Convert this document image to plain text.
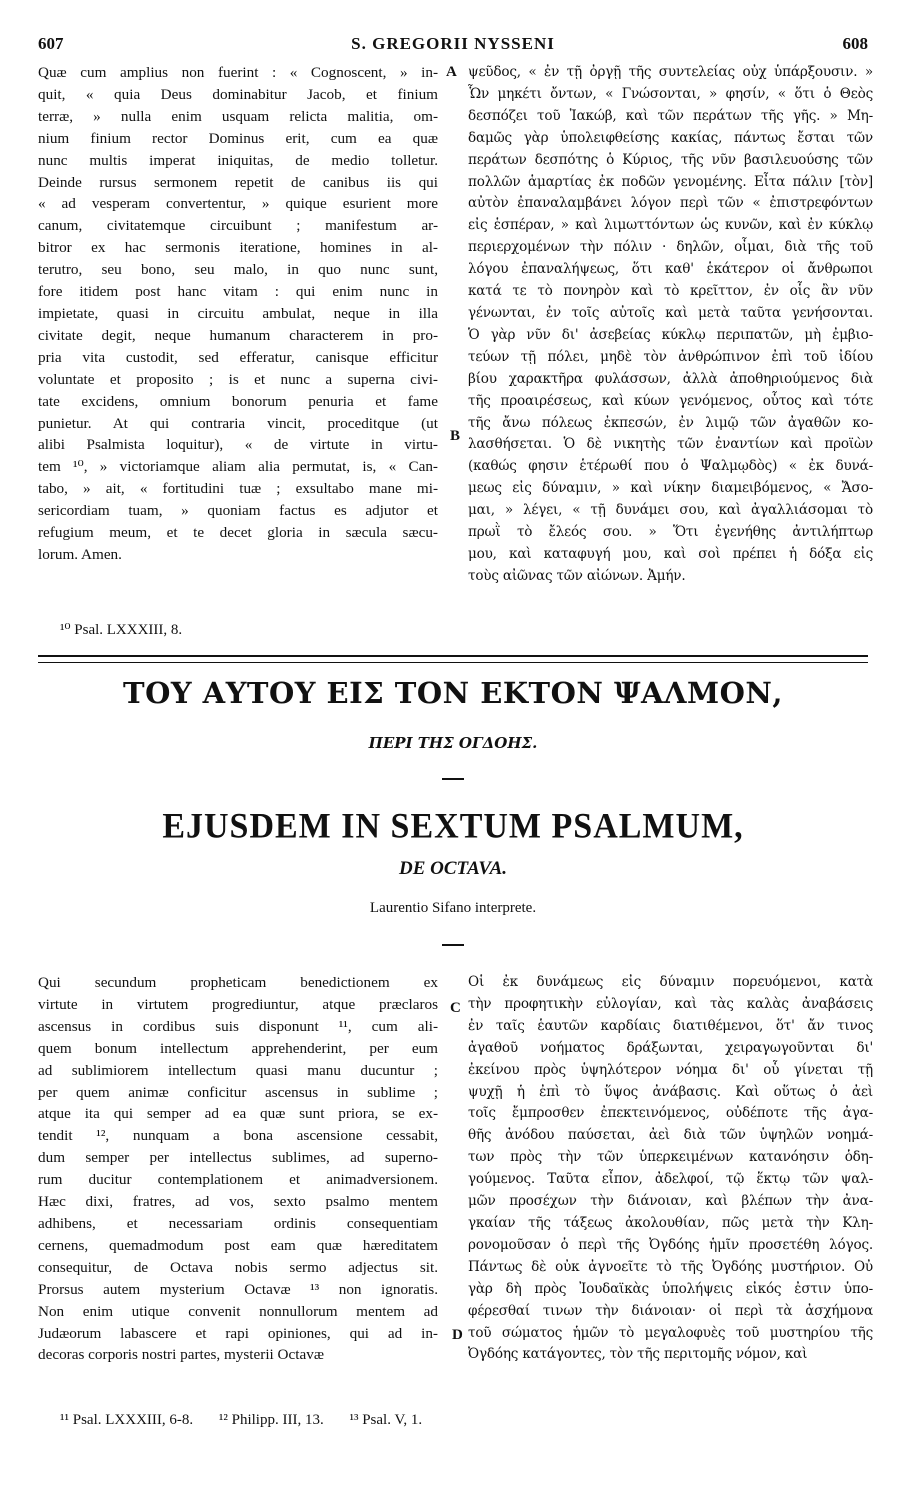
607	S. GREGORII NYSSENI	608
Quæ cum amplius non fuerint : « Cognoscent, » in-
quit, « quia Deus dominabitur Jacob, et finium
terræ, » nulla enim usquam relicta malitia, om-
nium finium rector Dominus erit, cum ea quæ
nunc multis imperat iniquitas, de medio tolletur.
Deinde rursus sermonem repetit de canibus iis qui
« ad vesperam convertentur, » quique esurient more
canum, civitatemque circuibunt ; manifestum ar-
bitror ex hac sermonis iteratione, homines in al-
terutro, seu bono, seu malo, in quo nunc sunt,
fore itidem post hanc vitam : qui enim nunc in
impietate, quasi in circuitu ambulat, neque in illa
civitate degit, neque humanum characterem in pro-
pria vita custodit, sed efferatur, canisque efficitur
voluntate et proposito ; is et nunc a superna civi-
tate excidens, omnium bonorum penuria et fame
punietur. At qui contraria vincit, proceditque (ut
alibi Psalmista loquitur), « de virtute in virtu-
tem ¹⁰, » victoriamque aliam alia permutat, is, « Can-
tabo, » ait, « fortitudini tuæ ; exsultabo mane mi-
sericordiam tuam, » quoniam factus es adjutor et
refugium meum, et te decet gloria in sæcula sæcu-
lorum. Amen.
ψεῦδος, « ἐν τῇ ὀργῇ τῆς συντελείας οὐχ ὑπάρξουσιν. »
Ὧν μηκέτι ὄντων, « Γνώσονται, » φησίν, « ὅτι ὁ Θεὸς
δεσπόζει τοῦ Ἰακώβ, καὶ τῶν περάτων τῆς γῆς. » Μη-
δαμῶς γὰρ ὑπολειφθείσης κακίας, πάντως ἔσται τῶν
περάτων δεσπότης ὁ Κύριος, τῆς νῦν βασιλευούσης τῶν
πολλῶν ἁμαρτίας ἐκ ποδῶν γενομένης. Εἶτα πάλιν [τὸν]
αὐτὸν ἐπαναλαμβάνει λόγον περὶ τῶν « ἐπιστρεφόντων
εἰς ἑσπέραν, » καὶ λιμωττόντων ὡς κυνῶν, καὶ ἐν κύκλῳ
περιερχομένων τὴν πόλιν · δηλῶν, οἶμαι, διὰ τῆς τοῦ
λόγου ἐπαναλήψεως, ὅτι καθ' ἑκάτερον οἱ ἄνθρωποι
κατά τε τὸ πονηρὸν καὶ τὸ κρεῖττον, ἐν οἷς ἂν νῦν
γένωνται, ἐν τοῖς αὐτοῖς καὶ μετὰ ταῦτα γενήσονται.
Ὁ γὰρ νῦν δι' ἀσεβείας κύκλῳ περιπατῶν, μὴ ἐμβιο-
τεύων τῇ πόλει, μηδὲ τὸν ἀνθρώπινον ἐπὶ τοῦ ἰδίου
βίου χαρακτῆρα φυλάσσων, ἀλλὰ ἀποθηριούμενος διὰ
τῆς προαιρέσεως, καὶ κύων γενόμενος, οὗτος καὶ τότε
τῆς ἄνω πόλεως ἐκπεσών, ἐν λιμῷ τῶν ἀγαθῶν κο-
λασθήσεται. Ὁ δὲ νικητὴς τῶν ἐναντίων καὶ προϊὼν
(καθώς φησιν ἑτέρωθί που ὁ Ψαλμῳδὸς) « ἐκ δυνά-
μεως εἰς δύναμιν, » καὶ νίκην διαμειβόμενος, « Ἄσο-
μαι, » λέγει, « τῇ δυνάμει σου, καὶ ἀγαλλιάσομαι τὸ
πρωῒ τὸ ἔλεός σου. » Ὅτι ἐγενήθης ἀντιλήπτωρ
μου, καὶ καταφυγή μου, καὶ σοὶ πρέπει ἡ δόξα εἰς
τοὺς αἰῶνας τῶν αἰώνων. Ἀμήν.
A
B
C
D
¹⁰ Psal. LXXXIII, 8.
ΤΟΥ ΑΥΤΟΥ ΕΙΣ ΤΟΝ ΕΚΤΟΝ ΨΑΛΜΟΝ,
ΠΕΡΙ ΤΗΣ ΟΓΔΟΗΣ.
EJUSDEM IN SEXTUM PSALMUM,
DE OCTAVA.
Laurentio Sifano interprete.
Qui secundum propheticam benedictionem ex
virtute in virtutem progrediuntur, atque præclaros
ascensus in cordibus suis disponunt ¹¹, cum ali-
quem bonum intellectum apprehenderint, per eum
ad sublimiorem intellectum quasi manu ducuntur ;
per quem animæ conficitur ascensus in sublime ;
atque ita qui semper ad ea quæ sunt priora, se ex-
tendit ¹², nunquam a bona ascensione cessabit,
dum semper per intellectus sublimes, ad superno-
rum ducitur contemplationem et animadversionem.
Hæc dixi, fratres, ad vos, sexto psalmo mentem
adhibens, et necessariam ordinis consequentiam
cernens, quemadmodum post eam quæ hæreditatem
consequitur, de Octava nobis sermo adjectus sit.
Prorsus autem mysterium Octavæ ¹³ non ignoratis.
Non enim utique convenit nonnullorum mentem ad
Judæorum labascere et rapi opiniones, qui ad in-
decoras corporis nostri partes, mysterii Octavæ
Οἱ ἐκ δυνάμεως εἰς δύναμιν πορευόμενοι, κατὰ
τὴν προφητικὴν εὐλογίαν, καὶ τὰς καλὰς ἀναβάσεις
ἐν ταῖς ἑαυτῶν καρδίαις διατιθέμενοι, ὅτ' ἄν τινος
ἀγαθοῦ νοήματος δράξωνται, χειραγωγοῦνται δι'
ἐκείνου πρὸς ὑψηλότερον νόημα δι' οὗ γίνεται τῇ
ψυχῇ ἡ ἐπὶ τὸ ὕψος ἀνάβασις. Καὶ οὕτως ὁ ἀεὶ
τοῖς ἔμπροσθεν ἐπεκτεινόμενος, οὐδέποτε τῆς ἀγα-
θῆς ἀνόδου παύσεται, ἀεὶ διὰ τῶν ὑψηλῶν νοημά-
των πρὸς τὴν τῶν ὑπερκειμένων κατανόησιν ὁδη-
γούμενος. Ταῦτα εἶπον, ἀδελφοί, τῷ ἕκτῳ τῶν ψαλ-
μῶν προσέχων τὴν διάνοιαν, καὶ βλέπων τὴν ἀνα-
γκαίαν τῆς τάξεως ἀκολουθίαν, πῶς μετὰ τὴν Κλη-
ρονομοῦσαν ὁ περὶ τῆς Ὀγδόης ἡμῖν προσετέθη λόγος.
Πάντως δὲ οὐκ ἀγνοεῖτε τὸ τῆς Ὀγδόης μυστήριον. Οὐ
γὰρ δὴ πρὸς Ἰουδαϊκὰς ὑπολήψεις εἰκός ἐστιν ὑπο-
φέρεσθαί τινων τὴν διάνοιαν· οἱ περὶ τὰ ἀσχήμονα
τοῦ σώματος ἡμῶν τὸ μεγαλοφυὲς τοῦ μυστηρίου τῆς
Ὀγδόης κατάγοντες, τὸν τῆς περιτομῆς νόμον, καὶ
¹¹ Psal. LXXXIII, 6-8. ¹² Philipp. III, 13. ¹³ Psal. V, 1.
